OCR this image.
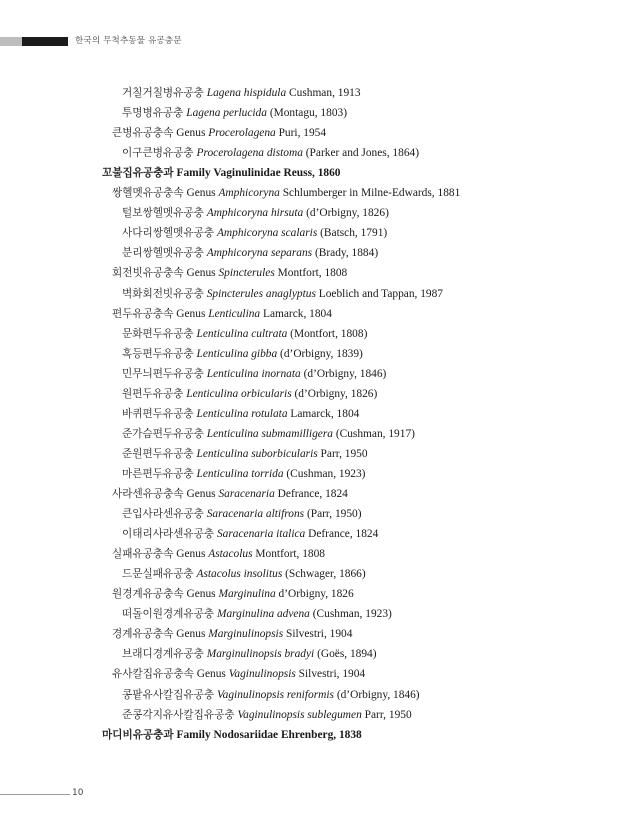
한국의 무척추동물 유공충문
거칠거칠병유공충 Lagena hispidula Cushman, 1913
투명병유공충 Lagena perlucida (Montagu, 1803)
큰병유공충속 Genus Procerolagena Puri, 1954
이구큰병유공충 Procerolagena distoma (Parker and Jones, 1864)
꼬불집유공충과 Family Vaginulinidae Reuss, 1860
쌍헬멧유공충속 Genus Amphicoryna Schlumberger in Milne-Edwards, 1881
털보쌍헬멧유공충 Amphicoryna hirsuta (d’Orbigny, 1826)
사다리쌍헬멧유공충 Amphicoryna scalaris (Batsch, 1791)
분리쌍헬멧유공충 Amphicoryna separans (Brady, 1884)
회전빗유공충속 Genus Spincterules Montfort, 1808
벽화회전빗유공충 Spincterules anaglyptus Loeblich and Tappan, 1987
편두유공충속 Genus Lenticulina Lamarck, 1804
문화편두유공충 Lenticulina cultrata (Montfort, 1808)
혹등편두유공충 Lenticulina gibba (d’Orbigny, 1839)
민무늬편두유공충 Lenticulina inornata (d’Orbigny, 1846)
원편두유공충 Lenticulina orbicularis (d’Orbigny, 1826)
바퀴편두유공충 Lenticulina rotulata Lamarck, 1804
준가슴편두유공충 Lenticulina submamilligera (Cushman, 1917)
준원편두유공충 Lenticulina suborbicularis Parr, 1950
마른편두유공충 Lenticulina torrida (Cushman, 1923)
사라센유공충속 Genus Saracenaria Defrance, 1824
큰입사라센유공충 Saracenaria altifrons (Parr, 1950)
이태리사라센유공충 Saracenaria italica Defrance, 1824
실패유공충속 Genus Astacolus Montfort, 1808
드문실패유공충 Astacolus insolitus (Schwager, 1866)
원경계유공충속 Genus Marginulina d’Orbigny, 1826
떠돌이원경계유공충 Marginulina advena (Cushman, 1923)
경계유공충속 Genus Marginulinopsis Silvestri, 1904
브래디경계유공충 Marginulinopsis bradyi (Goës, 1894)
유사칼집유공충속 Genus Vaginulinopsis Silvestri, 1904
콩팥유사칼집유공충 Vaginulinopsis reniformis (d’Orbigny, 1846)
준콩각지유사칼집유공충 Vaginulinopsis sublegumen Parr, 1950
마디비유공충과 Family Nodosariidae Ehrenberg, 1838
10
